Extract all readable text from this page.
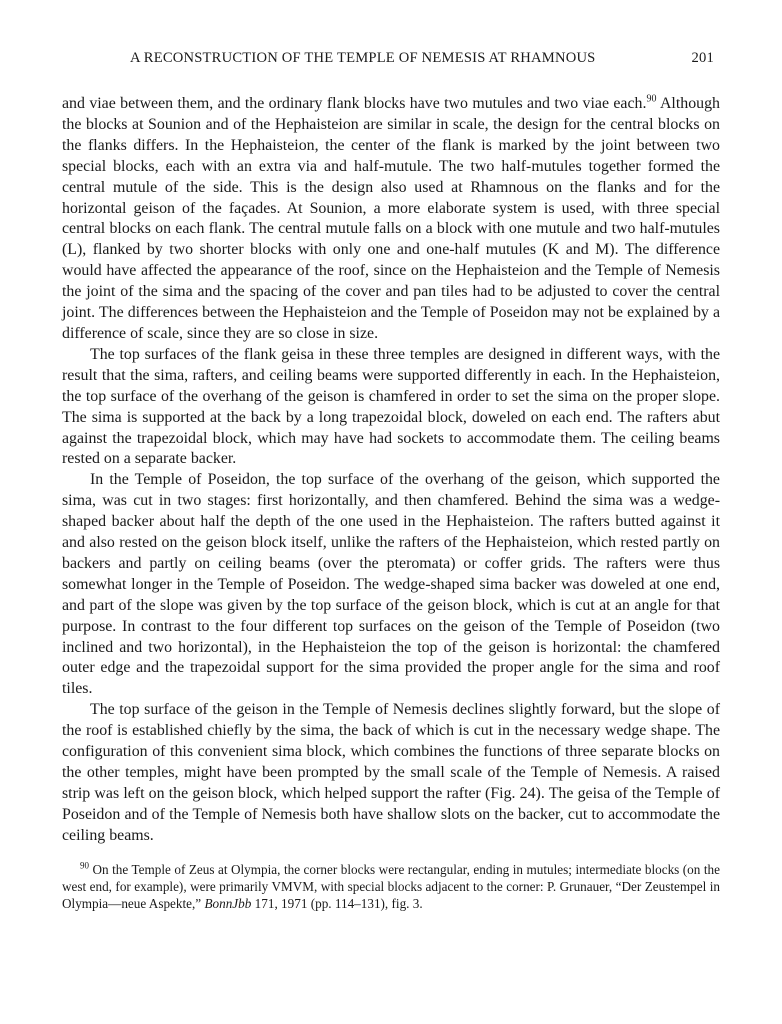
A RECONSTRUCTION OF THE TEMPLE OF NEMESIS AT RHAMNOUS	201

and viae between them, and the ordinary flank blocks have two mutules and two viae each.$^{90}$ Although the blocks at Sounion and of the Hephaisteion are similar in scale, the design for the central blocks on the flanks differs. In the Hephaisteion, the center of the flank is marked by the joint between two special blocks, each with an extra via and half-mutule. The two half-mutules together formed the central mutule of the side. This is the design also used at Rhamnous on the flanks and for the horizontal geison of the façades. At Sounion, a more elaborate system is used, with three special central blocks on each flank. The central mutule falls on a block with one mutule and two half-mutules (L), flanked by two shorter blocks with only one and one-half mutules (K and M). The difference would have affected the appearance of the roof, since on the Hephaisteion and the Temple of Nemesis the joint of the sima and the spacing of the cover and pan tiles had to be adjusted to cover the central joint. The differences between the Hephaisteion and the Temple of Poseidon may not be explained by a difference of scale, since they are so close in size.

The top surfaces of the flank geisa in these three temples are designed in different ways, with the result that the sima, rafters, and ceiling beams were supported differently in each. In the Hephaisteion, the top surface of the overhang of the geison is chamfered in order to set the sima on the proper slope. The sima is supported at the back by a long trapezoidal block, doweled on each end. The rafters abut against the trapezoidal block, which may have had sockets to accommodate them. The ceiling beams rested on a separate backer.

In the Temple of Poseidon, the top surface of the overhang of the geison, which supported the sima, was cut in two stages: first horizontally, and then chamfered. Behind the sima was a wedge-shaped backer about half the depth of the one used in the Hephaisteion. The rafters butted against it and also rested on the geison block itself, unlike the rafters of the Hephaisteion, which rested partly on backers and partly on ceiling beams (over the pteromata) or coffer grids. The rafters were thus somewhat longer in the Temple of Poseidon. The wedge-shaped sima backer was doweled at one end, and part of the slope was given by the top surface of the geison block, which is cut at an angle for that purpose. In contrast to the four different top surfaces on the geison of the Temple of Poseidon (two inclined and two horizontal), in the Hephaisteion the top of the geison is horizontal: the chamfered outer edge and the trapezoidal support for the sima provided the proper angle for the sima and roof tiles.

The top surface of the geison in the Temple of Nemesis declines slightly forward, but the slope of the roof is established chiefly by the sima, the back of which is cut in the necessary wedge shape. The configuration of this convenient sima block, which combines the functions of three separate blocks on the other temples, might have been prompted by the small scale of the Temple of Nemesis. A raised strip was left on the geison block, which helped support the rafter (Fig. 24). The geisa of the Temple of Poseidon and of the Temple of Nemesis both have shallow slots on the backer, cut to accommodate the ceiling beams.

$^{90}$ On the Temple of Zeus at Olympia, the corner blocks were rectangular, ending in mutules; intermediate blocks (on the west end, for example), were primarily VMVM, with special blocks adjacent to the corner: P. Grunauer, “Der Zeustempel in Olympia—neue Aspekte,” BonnJbb 171, 1971 (pp. 114–131), fig. 3.
